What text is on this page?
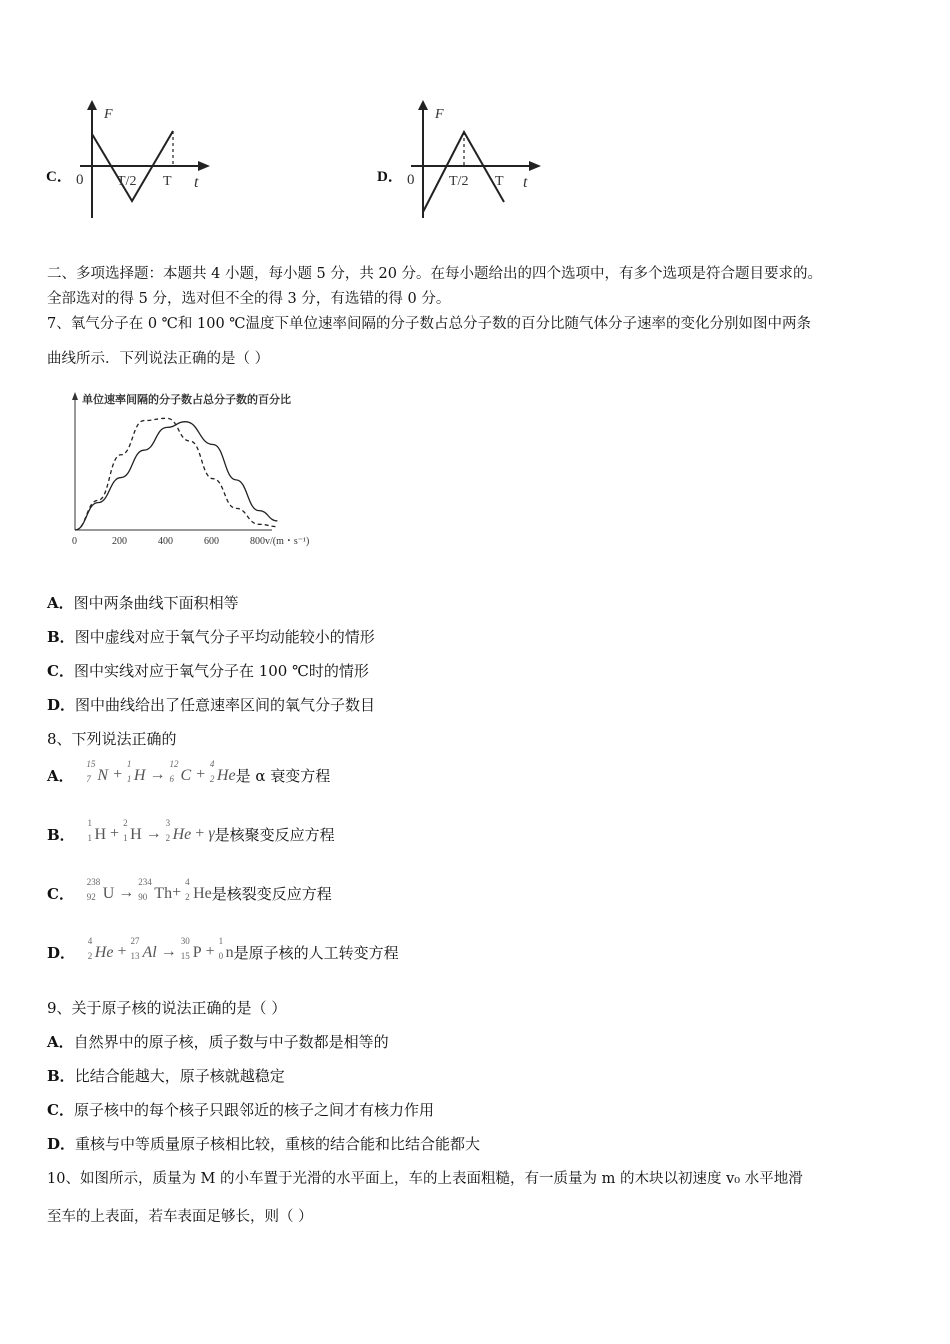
C．
F
0 T/2 T t	D．
F
0 T/2 T t
二、多项选择题：本题共 4 小题，每小题 5 分，共 20 分。在每小题给出的四个选项中，有多个选项是符合题目要求的。
全部选对的得 5 分，选对但不全的得 3 分，有选错的得 0 分。
7、氧气分子在 0 ℃和 100 ℃温度下单位速率间隔的分子数占总分子数的百分比随气体分子速率的变化分别如图中两条
曲线所示．下列说法正确的是（ ）
单位速率间隔的分子数占总分子数的百分比
0	200	400	600	800 v/(m・s⁻¹)
A．图中两条曲线下面积相等
B．图中虚线对应于氧气分子平均动能较小的情形
C．图中实线对应于氧气分子在 100 ℃时的情形
D．图中曲线给出了任意速率区间的氧气分子数目
8、下列说法正确的
A．
15
7 N +
1
1 H →
12
6 C +
4
2 He是 α 衰变方程
B．
1
1 H +
2
1 H →
3
2 He + γ是核聚变反应方程
C．
238
92 U →
234
90 Th+
4
2 He是核裂变反应方程
D．
4
2 He +
27
13 Al →
30
15 P +
1
0 n是原子核的人工转变方程
9、关于原子核的说法正确的是（ ）
A．自然界中的原子核，质子数与中子数都是相等的
B．比结合能越大，原子核就越稳定
C．原子核中的每个核子只跟邻近的核子之间才有核力作用
D．重核与中等质量原子核相比较，重核的结合能和比结合能都大
10、如图所示，质量为 M 的小车置于光滑的水平面上，车的上表面粗糙，有一质量为 m 的木块以初速度 v₀ 水平地滑
至车的上表面，若车表面足够长，则（ ）
